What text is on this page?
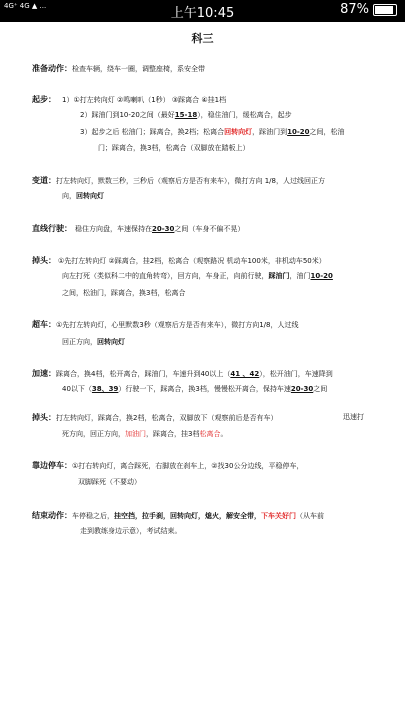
4G⁺ 4G ▲ ...	上午10:45	87%
科三
准备动作：检查车辆，绕车一圈，调整座椅，系安全带
起步： 1）①打左转向灯 ②鸣喇叭（1秒） ③踩离合 ④挂1档
2）踩油门到10-20之间（最好15-18），稳住油门，缓松离合，起步
3）起步之后 松油门；踩离合，换2档；松离合回转向灯，踩油门到10-20之间，松油
门；踩离合，换3档，松离合（双脚放在踏板上）
变道：打左转向灯，默数三秒，三秒后（观察后方是否有来车），微打方向 1/8，人过线回正方
向，回转向灯
直线行驶： 稳住方向盘，车速保持在20-30之间（车身不偏不晃）
掉头： ①先打左转向灯 ②踩离合，挂2档，松离合（观察路况 机动车100米，非机动车50米）
向左打死（类似科二中的直角转弯），回方向，车身正，向前行驶，踩油门，油门10-20
之间，松油门，踩离合，换3档，松离合
超车：①先打左转向灯，心里默数3秒（观察后方是否有来车），微打方向1/8，人过线
回正方向，回转向灯
加速：踩离合，换4档，松开离合，踩油门，车速升到40以上（41 、42），松开油门，车速降到
40以下（38、39）行驶一下，踩离合，换3档，慢慢松开离合，保持车速20-30之间
掉头：打左转向灯，踩离合，换2档，松离合，双脚放下（观察前后是否有车）	迅速打
死方向，回正方向，加油门，踩离合，挂3档松离合。
靠边停车：①打右转向灯，离合踩死，右脚放在刹车上，②找30公分边线，平稳停车，
双脚踩死（不要动）
结束动作：车停稳之后，挂空挡，拉手刹，回转向灯，熄火，解安全带，下车关好门（从车前
走到教练身边示意），考试结束。
